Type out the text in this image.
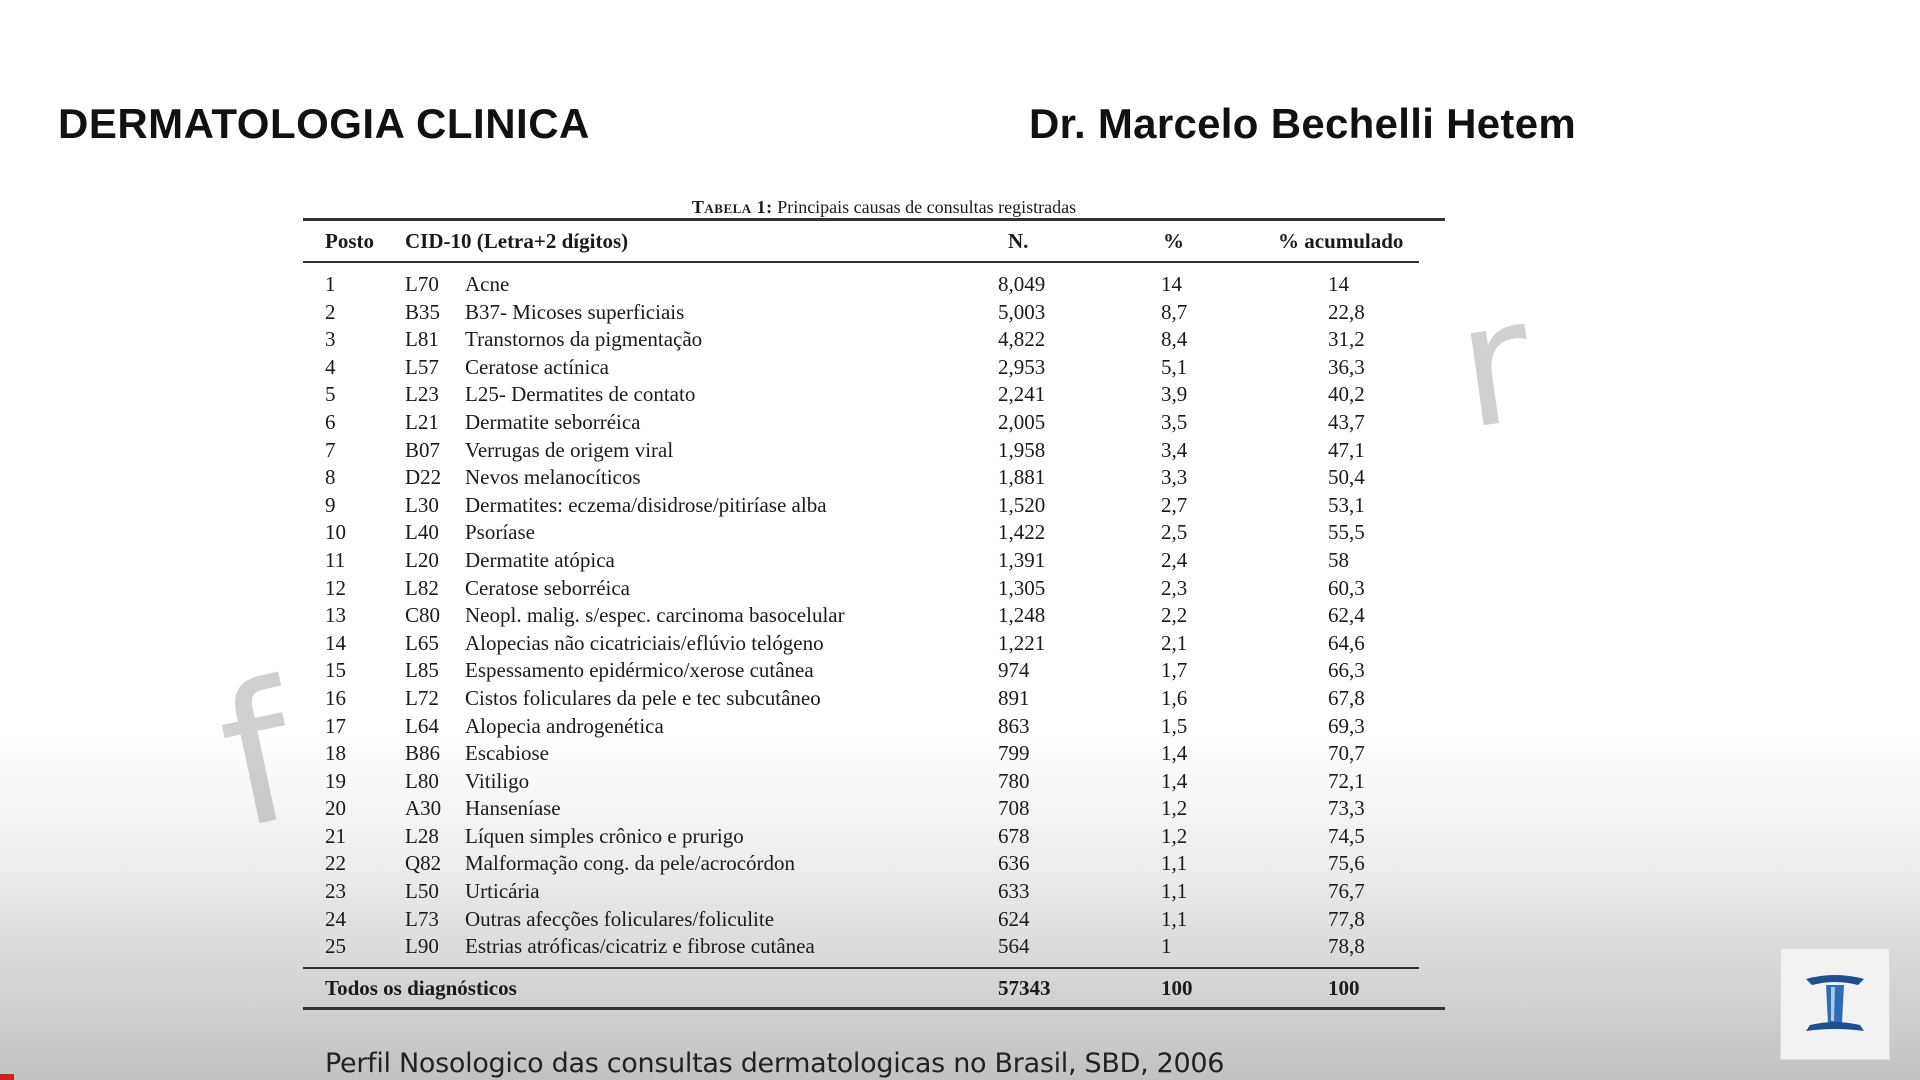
DERMATOLOGIA CLINICA	Dr. Marcelo Bechelli Hetem
f
r
Tabela 1: Principais causas de consultas registradas
Posto CID-10 (Letra+2 dígitos)	N.	%	% acumulado
1	L70 Acne	8,049	14	14
2	B35 B37- Micoses superficiais	5,003	8,7	22,8
3	L81 Transtornos da pigmentação	4,822	8,4	31,2
4	L57 Ceratose actínica	2,953	5,1	36,3
5	L23 L25- Dermatites de contato	2,241	3,9	40,2
6	L21 Dermatite seborréica	2,005	3,5	43,7
7	B07 Verrugas de origem viral	1,958	3,4	47,1
8	D22 Nevos melanocíticos	1,881	3,3	50,4
9	L30 Dermatites: eczema/disidrose/pitiríase alba	1,520	2,7	53,1
10	L40 Psoríase	1,422	2,5	55,5
11	L20 Dermatite atópica	1,391	2,4	58
12	L82 Ceratose seborréica	1,305	2,3	60,3
13	C80 Neopl. malig. s/espec. carcinoma basocelular	1,248	2,2	62,4
14	L65 Alopecias não cicatriciais/eflúvio telógeno	1,221	2,1	64,6
15	L85 Espessamento epidérmico/xerose cutânea	974	1,7	66,3
16	L72 Cistos foliculares da pele e tec subcutâneo	891	1,6	67,8
17	L64 Alopecia androgenética	863	1,5	69,3
18	B86 Escabiose	799	1,4	70,7
19	L80 Vitiligo	780	1,4	72,1
20	A30 Hanseníase	708	1,2	73,3
21	L28 Líquen simples crônico e prurigo	678	1,2	74,5
22	Q82 Malformação cong. da pele/acrocórdon	636	1,1	75,6
23	L50 Urticária	633	1,1	76,7
24	L73 Outras afecções foliculares/foliculite	624	1,1	77,8
25	L90 Estrias atróficas/cicatriz e fibrose cutânea	564	1	78,8
Todos os diagnósticos	57343	100	100
Perfil Nosologico das consultas dermatologicas no Brasil, SBD, 2006
